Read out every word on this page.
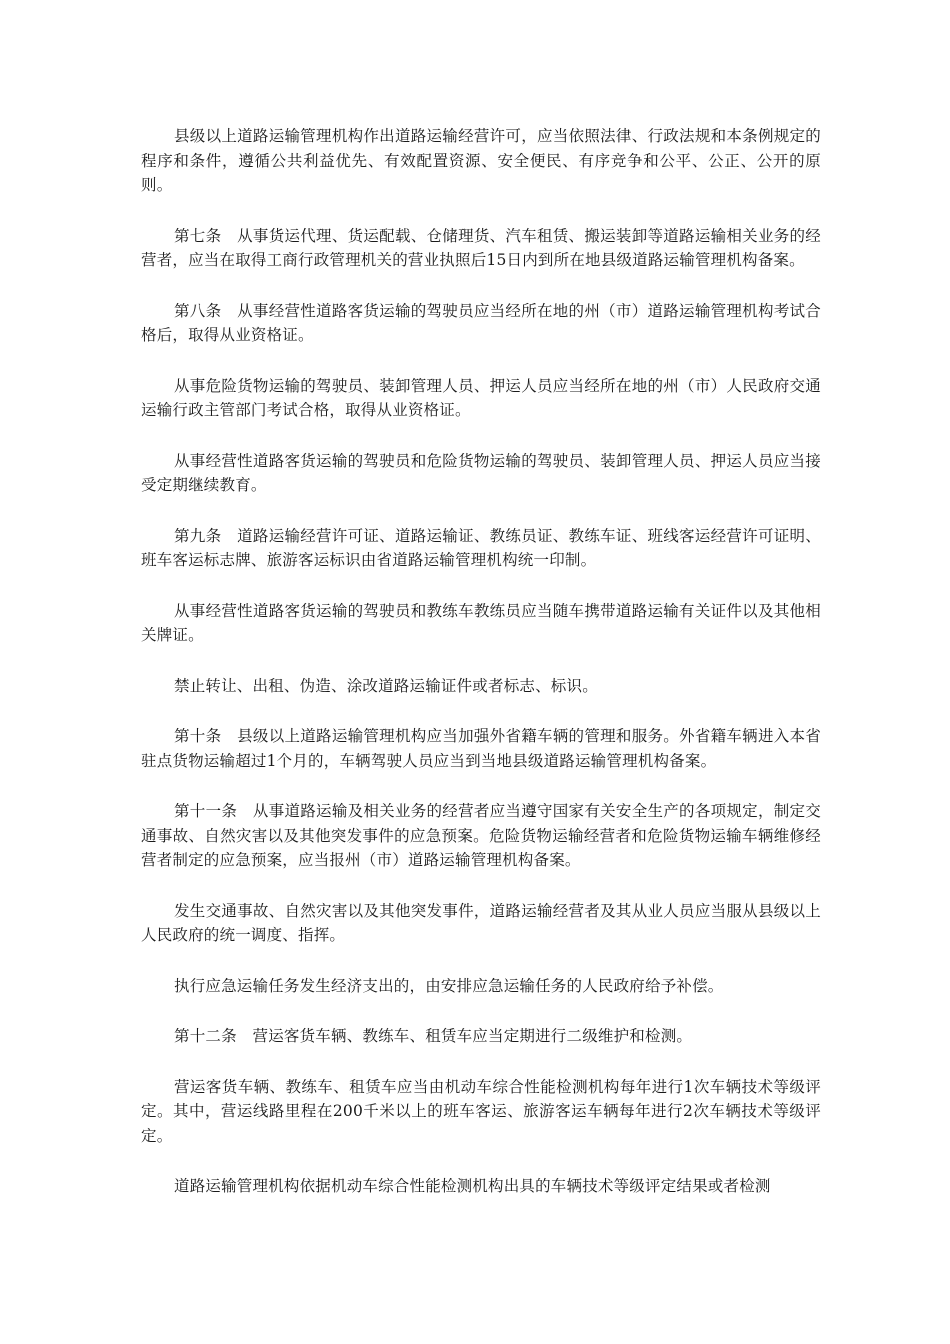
县级以上道路运输管理机构作出道路运输经营许可，应当依照法律、行政法规和本条例规定的程序和条件，遵循公共利益优先、有效配置资源、安全便民、有序竞争和公平、公正、公开的原则。

第七条　从事货运代理、货运配载、仓储理货、汽车租赁、搬运装卸等道路运输相关业务的经营者，应当在取得工商行政管理机关的营业执照后15日内到所在地县级道路运输管理机构备案。

第八条　从事经营性道路客货运输的驾驶员应当经所在地的州（市）道路运输管理机构考试合格后，取得从业资格证。

从事危险货物运输的驾驶员、装卸管理人员、押运人员应当经所在地的州（市）人民政府交通运输行政主管部门考试合格，取得从业资格证。

从事经营性道路客货运输的驾驶员和危险货物运输的驾驶员、装卸管理人员、押运人员应当接受定期继续教育。

第九条　道路运输经营许可证、道路运输证、教练员证、教练车证、班线客运经营许可证明、班车客运标志牌、旅游客运标识由省道路运输管理机构统一印制。

从事经营性道路客货运输的驾驶员和教练车教练员应当随车携带道路运输有关证件以及其他相关牌证。

禁止转让、出租、伪造、涂改道路运输证件或者标志、标识。

第十条　县级以上道路运输管理机构应当加强外省籍车辆的管理和服务。外省籍车辆进入本省驻点货物运输超过1个月的，车辆驾驶人员应当到当地县级道路运输管理机构备案。

第十一条　从事道路运输及相关业务的经营者应当遵守国家有关安全生产的各项规定，制定交通事故、自然灾害以及其他突发事件的应急预案。危险货物运输经营者和危险货物运输车辆维修经营者制定的应急预案，应当报州（市）道路运输管理机构备案。

发生交通事故、自然灾害以及其他突发事件，道路运输经营者及其从业人员应当服从县级以上人民政府的统一调度、指挥。

执行应急运输任务发生经济支出的，由安排应急运输任务的人民政府给予补偿。

第十二条　营运客货车辆、教练车、租赁车应当定期进行二级维护和检测。

营运客货车辆、教练车、租赁车应当由机动车综合性能检测机构每年进行1次车辆技术等级评定。其中，营运线路里程在200千米以上的班车客运、旅游客运车辆每年进行2次车辆技术等级评定。

道路运输管理机构依据机动车综合性能检测机构出具的车辆技术等级评定结果或者检测
